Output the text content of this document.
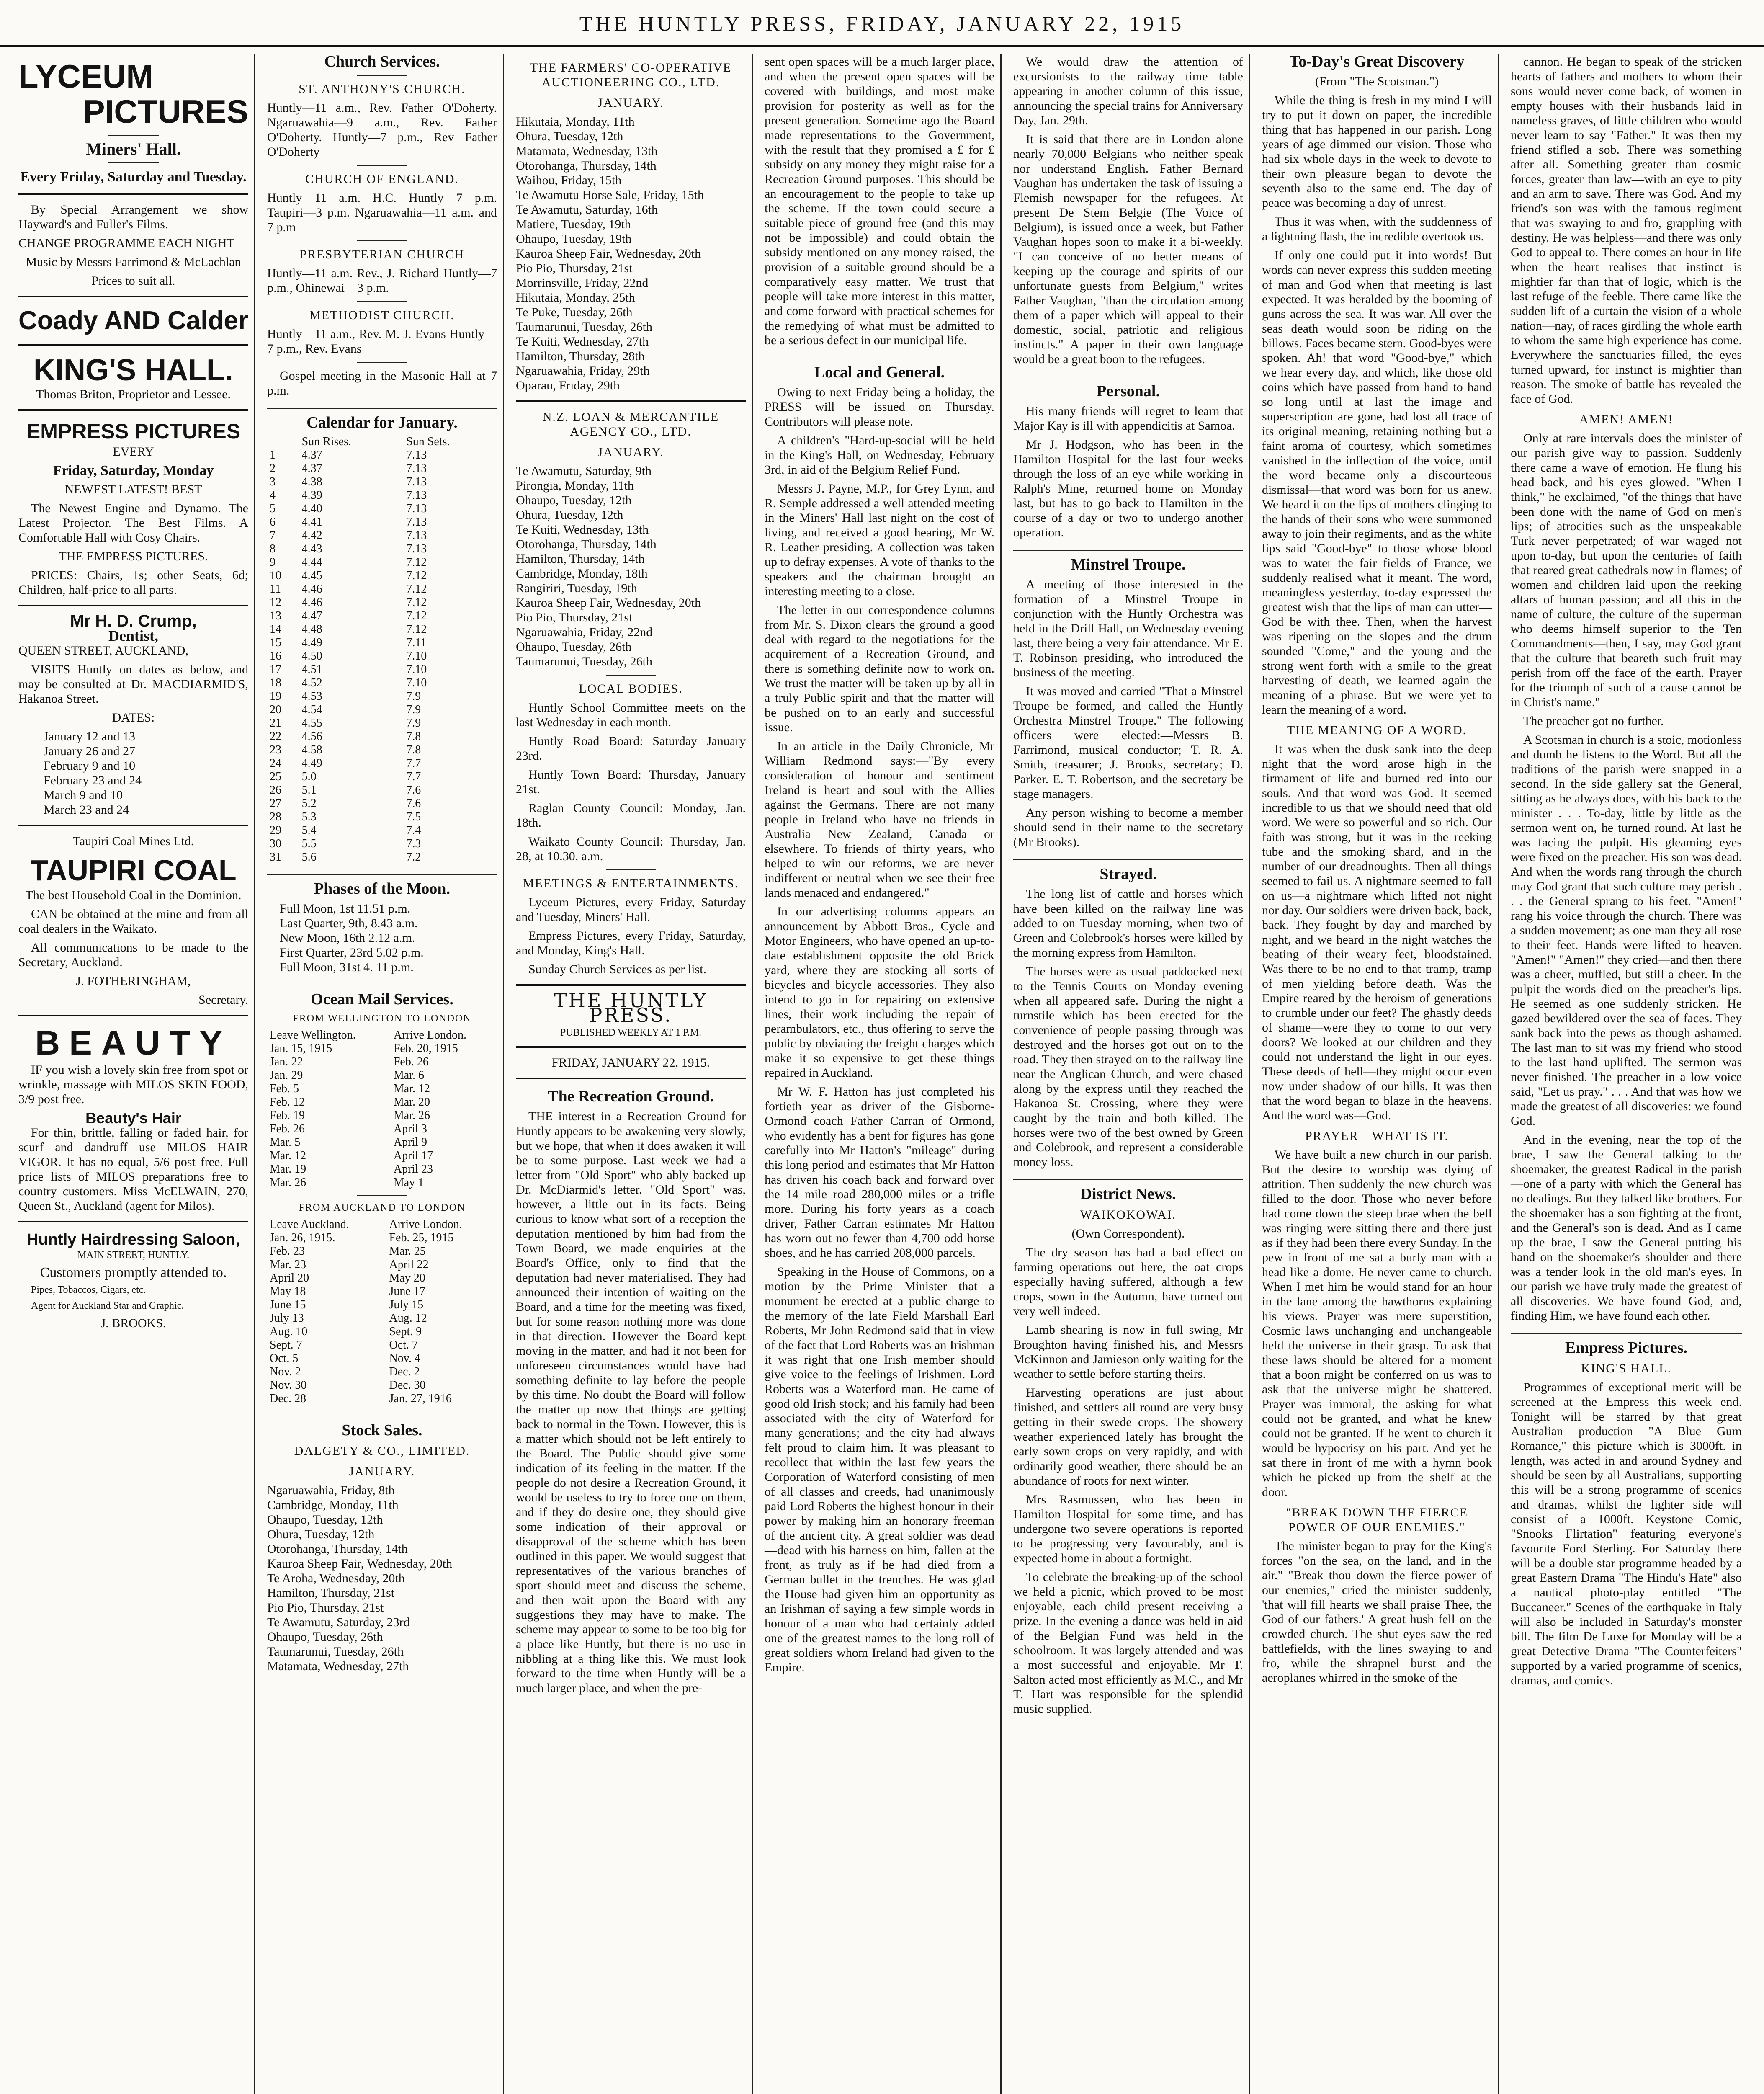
THE HUNTLY PRESS, FRIDAY, JANUARY 22, 1915
LYCEUM
PICTURES
Miners' Hall.
Every Friday, Saturday and Tuesday.

By Special Arrangement we show Hayward's and Fuller's Films.

CHANGE PROGRAMME EACH NIGHT

Music by Messrs Farrimond & McLachlan

Prices to suit all.

Coady AND Calder
KING'S HALL.

Thomas Briton, Proprietor and Lessee.

EMPRESS PICTURES

EVERY

Friday, Saturday, Monday

NEWEST LATEST! BEST

The Newest Engine and Dynamo. The Latest Projector. The Best Films. A Comfortable Hall with Cosy Chairs.

THE EMPRESS PICTURES.

PRICES: Chairs, 1s; other Seats, 6d; Children, half-price to all parts.

Mr H. D. Crump,
Dentist,

QUEEN STREET, AUCKLAND,

VISITS Huntly on dates as below, and may be consulted at Dr. MACDIARMID'S, Hakanoa Street.

DATES:

January 12 and 13
January 26 and 27
February 9 and 10
February 23 and 24
March 9 and 10
March 23 and 24

Taupiri Coal Mines Ltd.

TAUPIRI COAL

The best Household Coal in the Dominion.

CAN be obtained at the mine and from all coal dealers in the Waikato.

All communications to be made to the Secretary, Auckland.

J. FOTHERINGHAM,

Secretary.

BEAUTY

IF you wish a lovely skin free from spot or wrinkle, massage with MILOS SKIN FOOD, 3/9 post free.

Beauty's Hair

For thin, brittle, falling or faded hair, for scurf and dandruff use MILOS HAIR VIGOR. It has no equal, 5/6 post free. Full price lists of MILOS preparations free to country customers. Miss McELWAIN, 270, Queen St., Auckland (agent for Milos).

Huntly Hairdressing Saloon,

MAIN STREET, HUNTLY.

Customers promptly attended to.

Pipes, Tobaccos, Cigars, etc.

Agent for Auckland Star and Graphic.

J. BROOKS.

Church Services.
ST. ANTHONY'S CHURCH.

Huntly—11 a.m., Rev. Father O'Doherty. Ngaruawahia—9 a.m., Rev. Father O'Doherty. Huntly—7 p.m., Rev Father O'Doherty

CHURCH OF ENGLAND.

Huntly—11 a.m. H.C. Huntly—7 p.m. Taupiri—3 p.m. Ngaruawahia—11 a.m. and 7 p.m

PRESBYTERIAN CHURCH

Huntly—11 a.m. Rev., J. Richard Huntly—7 p.m., Ohinewai—3 p.m.

METHODIST CHURCH.

Huntly—11 a.m., Rev. M. J. Evans Huntly—7 p.m., Rev. Evans

Gospel meeting in the Masonic Hall at 7 p.m.

Calendar for January.
	Sun Rises.	Sun Sets.
1	4.37	7.13
2	4.37	7.13
3	4.38	7.13
4	4.39	7.13
5	4.40	7.13
6	4.41	7.13
7	4.42	7.13
8	4.43	7.13
9	4.44	7.12
10	4.45	7.12
11	4.46	7.12
12	4.46	7.12
13	4.47	7.12
14	4.48	7.12
15	4.49	7.11
16	4.50	7.10
17	4.51	7.10
18	4.52	7.10
19	4.53	7.9
20	4.54	7.9
21	4.55	7.9
22	4.56	7.8
23	4.58	7.8
24	4.49	7.7
25	5.0	7.7
26	5.1	7.6
27	5.2	7.6
28	5.3	7.5
29	5.4	7.4
30	5.5	7.3
31	5.6	7.2
Phases of the Moon.
Full Moon, 1st 11.51 p.m.
Last Quarter, 9th, 8.43 a.m.
New Moon, 16th 2.12 a.m.
First Quarter, 23rd 5.02 p.m.
Full Moon, 31st 4. 11 p.m.
Ocean Mail Services.
FROM WELLINGTON TO LONDON
Leave Wellington.	Arrive London.
Jan. 15, 1915	Feb. 20, 1915
Jan. 22	Feb. 26
Jan. 29	Mar. 6
Feb. 5	Mar. 12
Feb. 12	Mar. 20
Feb. 19	Mar. 26
Feb. 26	April 3
Mar. 5	April 9
Mar. 12	April 17
Mar. 19	April 23
Mar. 26	May 1
FROM AUCKLAND TO LONDON
Leave Auckland.	Arrive London.
Jan. 26, 1915.	Feb. 25, 1915
Feb. 23	Mar. 25
Mar. 23	April 22
April 20	May 20
May 18	June 17
June 15	July 15
July 13	Aug. 12
Aug. 10	Sept. 9
Sept. 7	Oct. 7
Oct. 5	Nov. 4
Nov. 2	Dec. 2
Nov. 30	Dec. 30
Dec. 28	Jan. 27, 1916
Stock Sales.
DALGETY & CO., LIMITED.
JANUARY.
Ngaruawahia, Friday, 8th
Cambridge, Monday, 11th
Ohaupo, Tuesday, 12th
Ohura, Tuesday, 12th
Otorohanga, Thursday, 14th
Kauroa Sheep Fair, Wednesday, 20th
Te Aroha, Wednesday, 20th
Hamilton, Thursday, 21st
Pio Pio, Thursday, 21st
Te Awamutu, Saturday, 23rd
Ohaupo, Tuesday, 26th
Taumarunui, Tuesday, 26th
Matamata, Wednesday, 27th
THE FARMERS' CO-OPERATIVE AUCTIONEERING CO., LTD.
JANUARY.
Hikutaia, Monday, 11th
Ohura, Tuesday, 12th
Matamata, Wednesday, 13th
Otorohanga, Thursday, 14th
Waihou, Friday, 15th
Te Awamutu Horse Sale, Friday, 15th
Te Awamutu, Saturday, 16th
Matiere, Tuesday, 19th
Ohaupo, Tuesday, 19th
Kauroa Sheep Fair, Wednesday, 20th
Pio Pio, Thursday, 21st
Morrinsville, Friday, 22nd
Hikutaia, Monday, 25th
Te Puke, Tuesday, 26th
Taumarunui, Tuesday, 26th
Te Kuiti, Wednesday, 27th
Hamilton, Thursday, 28th
Ngaruawahia, Friday, 29th
Oparau, Friday, 29th
N.Z. LOAN & MERCANTILE AGENCY CO., LTD.
JANUARY.
Te Awamutu, Saturday, 9th
Pirongia, Monday, 11th
Ohaupo, Tuesday, 12th
Ohura, Tuesday, 12th
Te Kuiti, Wednesday, 13th
Otorohanga, Thursday, 14th
Hamilton, Thursday, 14th
Cambridge, Monday, 18th
Rangiriri, Tuesday, 19th
Kauroa Sheep Fair, Wednesday, 20th
Pio Pio, Thursday, 21st
Ngaruawahia, Friday, 22nd
Ohaupo, Tuesday, 26th
Taumarunui, Tuesday, 26th
LOCAL BODIES.

Huntly School Committee meets on the last Wednesday in each month.

Huntly Road Board: Saturday January 23rd.

Huntly Town Board: Thursday, January 21st.

Raglan County Council: Monday, Jan. 18th.

Waikato County Council: Thursday, Jan. 28, at 10.30. a.m.

MEETINGS & ENTERTAINMENTS.

Lyceum Pictures, every Friday, Saturday and Tuesday, Miners' Hall.

Empress Pictures, every Friday, Saturday, and Monday, King's Hall.

Sunday Church Services as per list.

THE HUNTLY PRESS.

PUBLISHED WEEKLY AT 1 P.M.

FRIDAY, JANUARY 22, 1915.

The Recreation Ground.

THE interest in a Recreation Ground for Huntly appears to be awakening very slowly, but we hope, that when it does awaken it will be to some purpose. Last week we had a letter from "Old Sport" who ably backed up Dr. McDiarmid's letter. "Old Sport" was, however, a little out in its facts. Being curious to know what sort of a reception the deputation mentioned by him had from the Town Board, we made enquiries at the Board's Office, only to find that the deputation had never materialised. They had announced their intention of waiting on the Board, and a time for the meeting was fixed, but for some reason nothing more was done in that direction. However the Board kept moving in the matter, and had it not been for unforeseen circumstances would have had something definite to lay before the people by this time. No doubt the Board will follow the matter up now that things are getting back to normal in the Town. However, this is a matter which should not be left entirely to the Board. The Public should give some indication of its feeling in the matter. If the people do not desire a Recreation Ground, it would be useless to try to force one on them, and if they do desire one, they should give some indication of their approval or disapproval of the scheme which has been outlined in this paper. We would suggest that representatives of the various branches of sport should meet and discuss the scheme, and then wait upon the Board with any suggestions they may have to make. The scheme may appear to some to be too big for a place like Huntly, but there is no use in nibbling at a thing like this. We must look forward to the time when Huntly will be a much larger place, and when the pre-

sent open spaces will be a much larger place, and when the present open spaces will be covered with buildings, and most make provision for posterity as well as for the present generation. Sometime ago the Board made representations to the Government, with the result that they promised a £ for £ subsidy on any money they might raise for a Recreation Ground purposes. This should be an encouragement to the people to take up the scheme. If the town could secure a suitable piece of ground free (and this may not be impossible) and could obtain the subsidy mentioned on any money raised, the provision of a suitable ground should be a comparatively easy matter. We trust that people will take more interest in this matter, and come forward with practical schemes for the remedying of what must be admitted to be a serious defect in our municipal life.

Local and General.

Owing to next Friday being a holiday, the PRESS will be issued on Thursday. Contributors will please note.

A children's "Hard-up-social will be held in the King's Hall, on Wednesday, February 3rd, in aid of the Belgium Relief Fund.

Messrs J. Payne, M.P., for Grey Lynn, and R. Semple addressed a well attended meeting in the Miners' Hall last night on the cost of living, and received a good hearing, Mr W. R. Leather presiding. A collection was taken up to defray expenses. A vote of thanks to the speakers and the chairman brought an interesting meeting to a close.

The letter in our correspondence columns from Mr. S. Dixon clears the ground a good deal with regard to the negotiations for the acquirement of a Recreation Ground, and there is something definite now to work on. We trust the matter will be taken up by all in a truly Public spirit and that the matter will be pushed on to an early and successful issue.

In an article in the Daily Chronicle, Mr William Redmond says:—"By every consideration of honour and sentiment Ireland is heart and soul with the Allies against the Germans. There are not many people in Ireland who have no friends in Australia New Zealand, Canada or elsewhere. To friends of thirty years, who helped to win our reforms, we are never indifferent or neutral when we see their free lands menaced and endangered."

In our advertising columns appears an announcement by Abbott Bros., Cycle and Motor Engineers, who have opened an up-to-date establishment opposite the old Brick yard, where they are stocking all sorts of bicycles and bicycle accessories. They also intend to go in for repairing on extensive lines, their work including the repair of perambulators, etc., thus offering to serve the public by obviating the freight charges which make it so expensive to get these things repaired in Auckland.

Mr W. F. Hatton has just completed his fortieth year as driver of the Gisborne-Ormond coach Father Carran of Ormond, who evidently has a bent for figures has gone carefully into Mr Hatton's "mileage" during this long period and estimates that Mr Hatton has driven his coach back and forward over the 14 mile road 280,000 miles or a trifle more. During his forty years as a coach driver, Father Carran estimates Mr Hatton has worn out no fewer than 4,700 odd horse shoes, and he has carried 208,000 parcels.

Speaking in the House of Commons, on a motion by the Prime Minister that a monument be erected at a public charge to the memory of the late Field Marshall Earl Roberts, Mr John Redmond said that in view of the fact that Lord Roberts was an Irishman it was right that one Irish member should give voice to the feelings of Irishmen. Lord Roberts was a Waterford man. He came of good old Irish stock; and his family had been associated with the city of Waterford for many generations; and the city had always felt proud to claim him. It was pleasant to recollect that within the last few years the Corporation of Waterford consisting of men of all classes and creeds, had unanimously paid Lord Roberts the highest honour in their power by making him an honorary freeman of the ancient city. A great soldier was dead—dead with his harness on him, fallen at the front, as truly as if he had died from a German bullet in the trenches. He was glad the House had given him an opportunity as an Irishman of saying a few simple words in honour of a man who had certainly added one of the greatest names to the long roll of great soldiers whom Ireland had given to the Empire.

We would draw the attention of excursionists to the railway time table appearing in another column of this issue, announcing the special trains for Anniversary Day, Jan. 29th.

It is said that there are in London alone nearly 70,000 Belgians who neither speak nor understand English. Father Bernard Vaughan has undertaken the task of issuing a Flemish newspaper for the refugees. At present De Stem Belgie (The Voice of Belgium), is issued once a week, but Father Vaughan hopes soon to make it a bi-weekly. "I can conceive of no better means of keeping up the courage and spirits of our unfortunate guests from Belgium," writes Father Vaughan, "than the circulation among them of a paper which will appeal to their domestic, social, patriotic and religious instincts." A paper in their own language would be a great boon to the refugees.

Personal.

His many friends will regret to learn that Major Kay is ill with appendicitis at Samoa.

Mr J. Hodgson, who has been in the Hamilton Hospital for the last four weeks through the loss of an eye while working in Ralph's Mine, returned home on Monday last, but has to go back to Hamilton in the course of a day or two to undergo another operation.

Minstrel Troupe.

A meeting of those interested in the formation of a Minstrel Troupe in conjunction with the Huntly Orchestra was held in the Drill Hall, on Wednesday evening last, there being a very fair attendance. Mr E. T. Robinson presiding, who introduced the business of the meeting.

It was moved and carried "That a Minstrel Troupe be formed, and called the Huntly Orchestra Minstrel Troupe." The following officers were elected:—Messrs B. Farrimond, musical conductor; T. R. A. Smith, treasurer; J. Brooks, secretary; D. Parker. E. T. Robertson, and the secretary be stage managers.

Any person wishing to become a member should send in their name to the secretary (Mr Brooks).

Strayed.

The long list of cattle and horses which have been killed on the railway line was added to on Tuesday morning, when two of Green and Colebrook's horses were killed by the morning express from Hamilton.

The horses were as usual paddocked next to the Tennis Courts on Monday evening when all appeared safe. During the night a turnstile which has been erected for the convenience of people passing through was destroyed and the horses got out on to the road. They then strayed on to the railway line near the Anglican Church, and were chased along by the express until they reached the Hakanoa St. Crossing, where they were caught by the train and both killed. The horses were two of the best owned by Green and Colebrook, and represent a considerable money loss.

District News.
WAIKOKOWAI.

(Own Correspondent).

The dry season has had a bad effect on farming operations out here, the oat crops especially having suffered, although a few crops, sown in the Autumn, have turned out very well indeed.

Lamb shearing is now in full swing, Mr Broughton having finished his, and Messrs McKinnon and Jamieson only waiting for the weather to settle before starting theirs.

Harvesting operations are just about finished, and settlers all round are very busy getting in their swede crops. The showery weather experienced lately has brought the early sown crops on very rapidly, and with ordinarily good weather, there should be an abundance of roots for next winter.

Mrs Rasmussen, who has been in Hamilton Hospital for some time, and has undergone two severe operations is reported to be progressing very favourably, and is expected home in about a fortnight.

To celebrate the breaking-up of the school we held a picnic, which proved to be most enjoyable, each child present receiving a prize. In the evening a dance was held in aid of the Belgian Fund was held in the schoolroom. It was largely attended and was a most successful and enjoyable. Mr T. Salton acted most efficiently as M.C., and Mr T. Hart was responsible for the splendid music supplied.

To-Day's Great Discovery

(From "The Scotsman.")

While the thing is fresh in my mind I will try to put it down on paper, the incredible thing that has happened in our parish. Long years of age dimmed our vision. Those who had six whole days in the week to devote to their own pleasure began to devote the seventh also to the same end. The day of peace was becoming a day of unrest.

Thus it was when, with the suddenness of a lightning flash, the incredible overtook us.

If only one could put it into words! But words can never express this sudden meeting of man and God when that meeting is last expected. It was heralded by the booming of guns across the sea. It was war. All over the seas death would soon be riding on the billows. Faces became stern. Good-byes were spoken. Ah! that word "Good-bye," which we hear every day, and which, like those old coins which have passed from hand to hand so long until at last the image and superscription are gone, had lost all trace of its original meaning, retaining nothing but a faint aroma of courtesy, which sometimes vanished in the inflection of the voice, until the word became only a discourteous dismissal—that word was born for us anew. We heard it on the lips of mothers clinging to the hands of their sons who were summoned away to join their regiments, and as the white lips said "Good-bye" to those whose blood was to water the fair fields of France, we suddenly realised what it meant. The word, meaningless yesterday, to-day expressed the greatest wish that the lips of man can utter—God be with thee. Then, when the harvest was ripening on the slopes and the drum sounded "Come," and the young and the strong went forth with a smile to the great harvesting of death, we learned again the meaning of a phrase. But we were yet to learn the meaning of a word.

THE MEANING OF A WORD.

It was when the dusk sank into the deep night that the word arose high in the firmament of life and burned red into our souls. And that word was God. It seemed incredible to us that we should need that old word. We were so powerful and so rich. Our faith was strong, but it was in the reeking tube and the smoking shard, and in the number of our dreadnoughts. Then all things seemed to fail us. A nightmare seemed to fall on us—a nightmare which lifted not night nor day. Our soldiers were driven back, back, back. They fought by day and marched by night, and we heard in the night watches the beating of their weary feet, bloodstained. Was there to be no end to that tramp, tramp of men yielding before death. Was the Empire reared by the heroism of generations to crumble under our feet? The ghastly deeds of shame—were they to come to our very doors? We looked at our children and they could not understand the light in our eyes. These deeds of hell—they might occur even now under shadow of our hills. It was then that the word began to blaze in the heavens. And the word was—God.

PRAYER—WHAT IS IT.

We have built a new church in our parish. But the desire to worship was dying of attrition. Then suddenly the new church was filled to the door. Those who never before had come down the steep brae when the bell was ringing were sitting there and there just as if they had been there every Sunday. In the pew in front of me sat a burly man with a head like a dome. He never came to church. When I met him he would stand for an hour in the lane among the hawthorns explaining his views. Prayer was mere superstition, Cosmic laws unchanging and unchangeable held the universe in their grasp. To ask that these laws should be altered for a moment that a boon might be conferred on us was to ask that the universe might be shattered. Prayer was immoral, the asking for what could not be granted, and what he knew could not be granted. If he went to church it would be hypocrisy on his part. And yet he sat there in front of me with a hymn book which he picked up from the shelf at the door.

"BREAK DOWN THE FIERCE POWER OF OUR ENEMIES."

The minister began to pray for the King's forces "on the sea, on the land, and in the air." "Break thou down the fierce power of our enemies," cried the minister suddenly, 'that will fill hearts we shall praise Thee, the God of our fathers.' A great hush fell on the crowded church. The shut eyes saw the red battlefields, with the lines swaying to and fro, while the shrapnel burst and the aeroplanes whirred in the smoke of the

cannon. He began to speak of the stricken hearts of fathers and mothers to whom their sons would never come back, of women in empty houses with their husbands laid in nameless graves, of little children who would never learn to say "Father." It was then my friend stifled a sob. There was something after all. Something greater than cosmic forces, greater than law—with an eye to pity and an arm to save. There was God. And my friend's son was with the famous regiment that was swaying to and fro, grappling with destiny. He was helpless—and there was only God to appeal to. There comes an hour in life when the heart realises that instinct is mightier far than that of logic, which is the last refuge of the feeble. There came like the sudden lift of a curtain the vision of a whole nation—nay, of races girdling the whole earth to whom the same high experience has come. Everywhere the sanctuaries filled, the eyes turned upward, for instinct is mightier than reason. The smoke of battle has revealed the face of God.

AMEN! AMEN!

Only at rare intervals does the minister of our parish give way to passion. Suddenly there came a wave of emotion. He flung his head back, and his eyes glowed. "When I think," he exclaimed, "of the things that have been done with the name of God on men's lips; of atrocities such as the unspeakable Turk never perpetrated; of war waged not upon to-day, but upon the centuries of faith that reared great cathedrals now in flames; of women and children laid upon the reeking altars of human passion; and all this in the name of culture, the culture of the superman who deems himself superior to the Ten Commandments—then, I say, may God grant that the culture that beareth such fruit may perish from off the face of the earth. Prayer for the triumph of such of a cause cannot be in Christ's name."

The preacher got no further.

A Scotsman in church is a stoic, motionless and dumb he listens to the Word. But all the traditions of the parish were snapped in a second. In the side gallery sat the General, sitting as he always does, with his back to the minister . . . To-day, little by little as the sermon went on, he turned round. At last he was facing the pulpit. His gleaming eyes were fixed on the preacher. His son was dead. And when the words rang through the church may God grant that such culture may perish . . . the General sprang to his feet. "Amen!" rang his voice through the church. There was a sudden movement; as one man they all rose to their feet. Hands were lifted to heaven. "Amen!" "Amen!" they cried—and then there was a cheer, muffled, but still a cheer. In the pulpit the words died on the preacher's lips. He seemed as one suddenly stricken. He gazed bewildered over the sea of faces. They sank back into the pews as though ashamed. The last man to sit was my friend who stood to the last hand uplifted. The sermon was never finished. The preacher in a low voice said, "Let us pray." . . . And that was how we made the greatest of all discoveries: we found God.

And in the evening, near the top of the brae, I saw the General talking to the shoemaker, the greatest Radical in the parish—one of a party with which the General has no dealings. But they talked like brothers. For the shoemaker has a son fighting at the front, and the General's son is dead. And as I came up the brae, I saw the General putting his hand on the shoemaker's shoulder and there was a tender look in the old man's eyes. In our parish we have truly made the greatest of all discoveries. We have found God, and, finding Him, we have found each other.

Empress Pictures.
KING'S HALL.

Programmes of exceptional merit will be screened at the Empress this week end. Tonight will be starred by that great Australian production "A Blue Gum Romance," this picture which is 3000ft. in length, was acted in and around Sydney and should be seen by all Australians, supporting this will be a strong programme of scenics and dramas, whilst the lighter side will consist of a 1000ft. Keystone Comic, "Snooks Flirtation" featuring everyone's favourite Ford Sterling. For Saturday there will be a double star programme headed by a great Eastern Drama "The Hindu's Hate" also a nautical photo-play entitled "The Buccaneer." Scenes of the earthquake in Italy will also be included in Saturday's monster bill. The film De Luxe for Monday will be a great Detective Drama "The Counterfeiters" supported by a varied programme of scenics, dramas, and comics.
